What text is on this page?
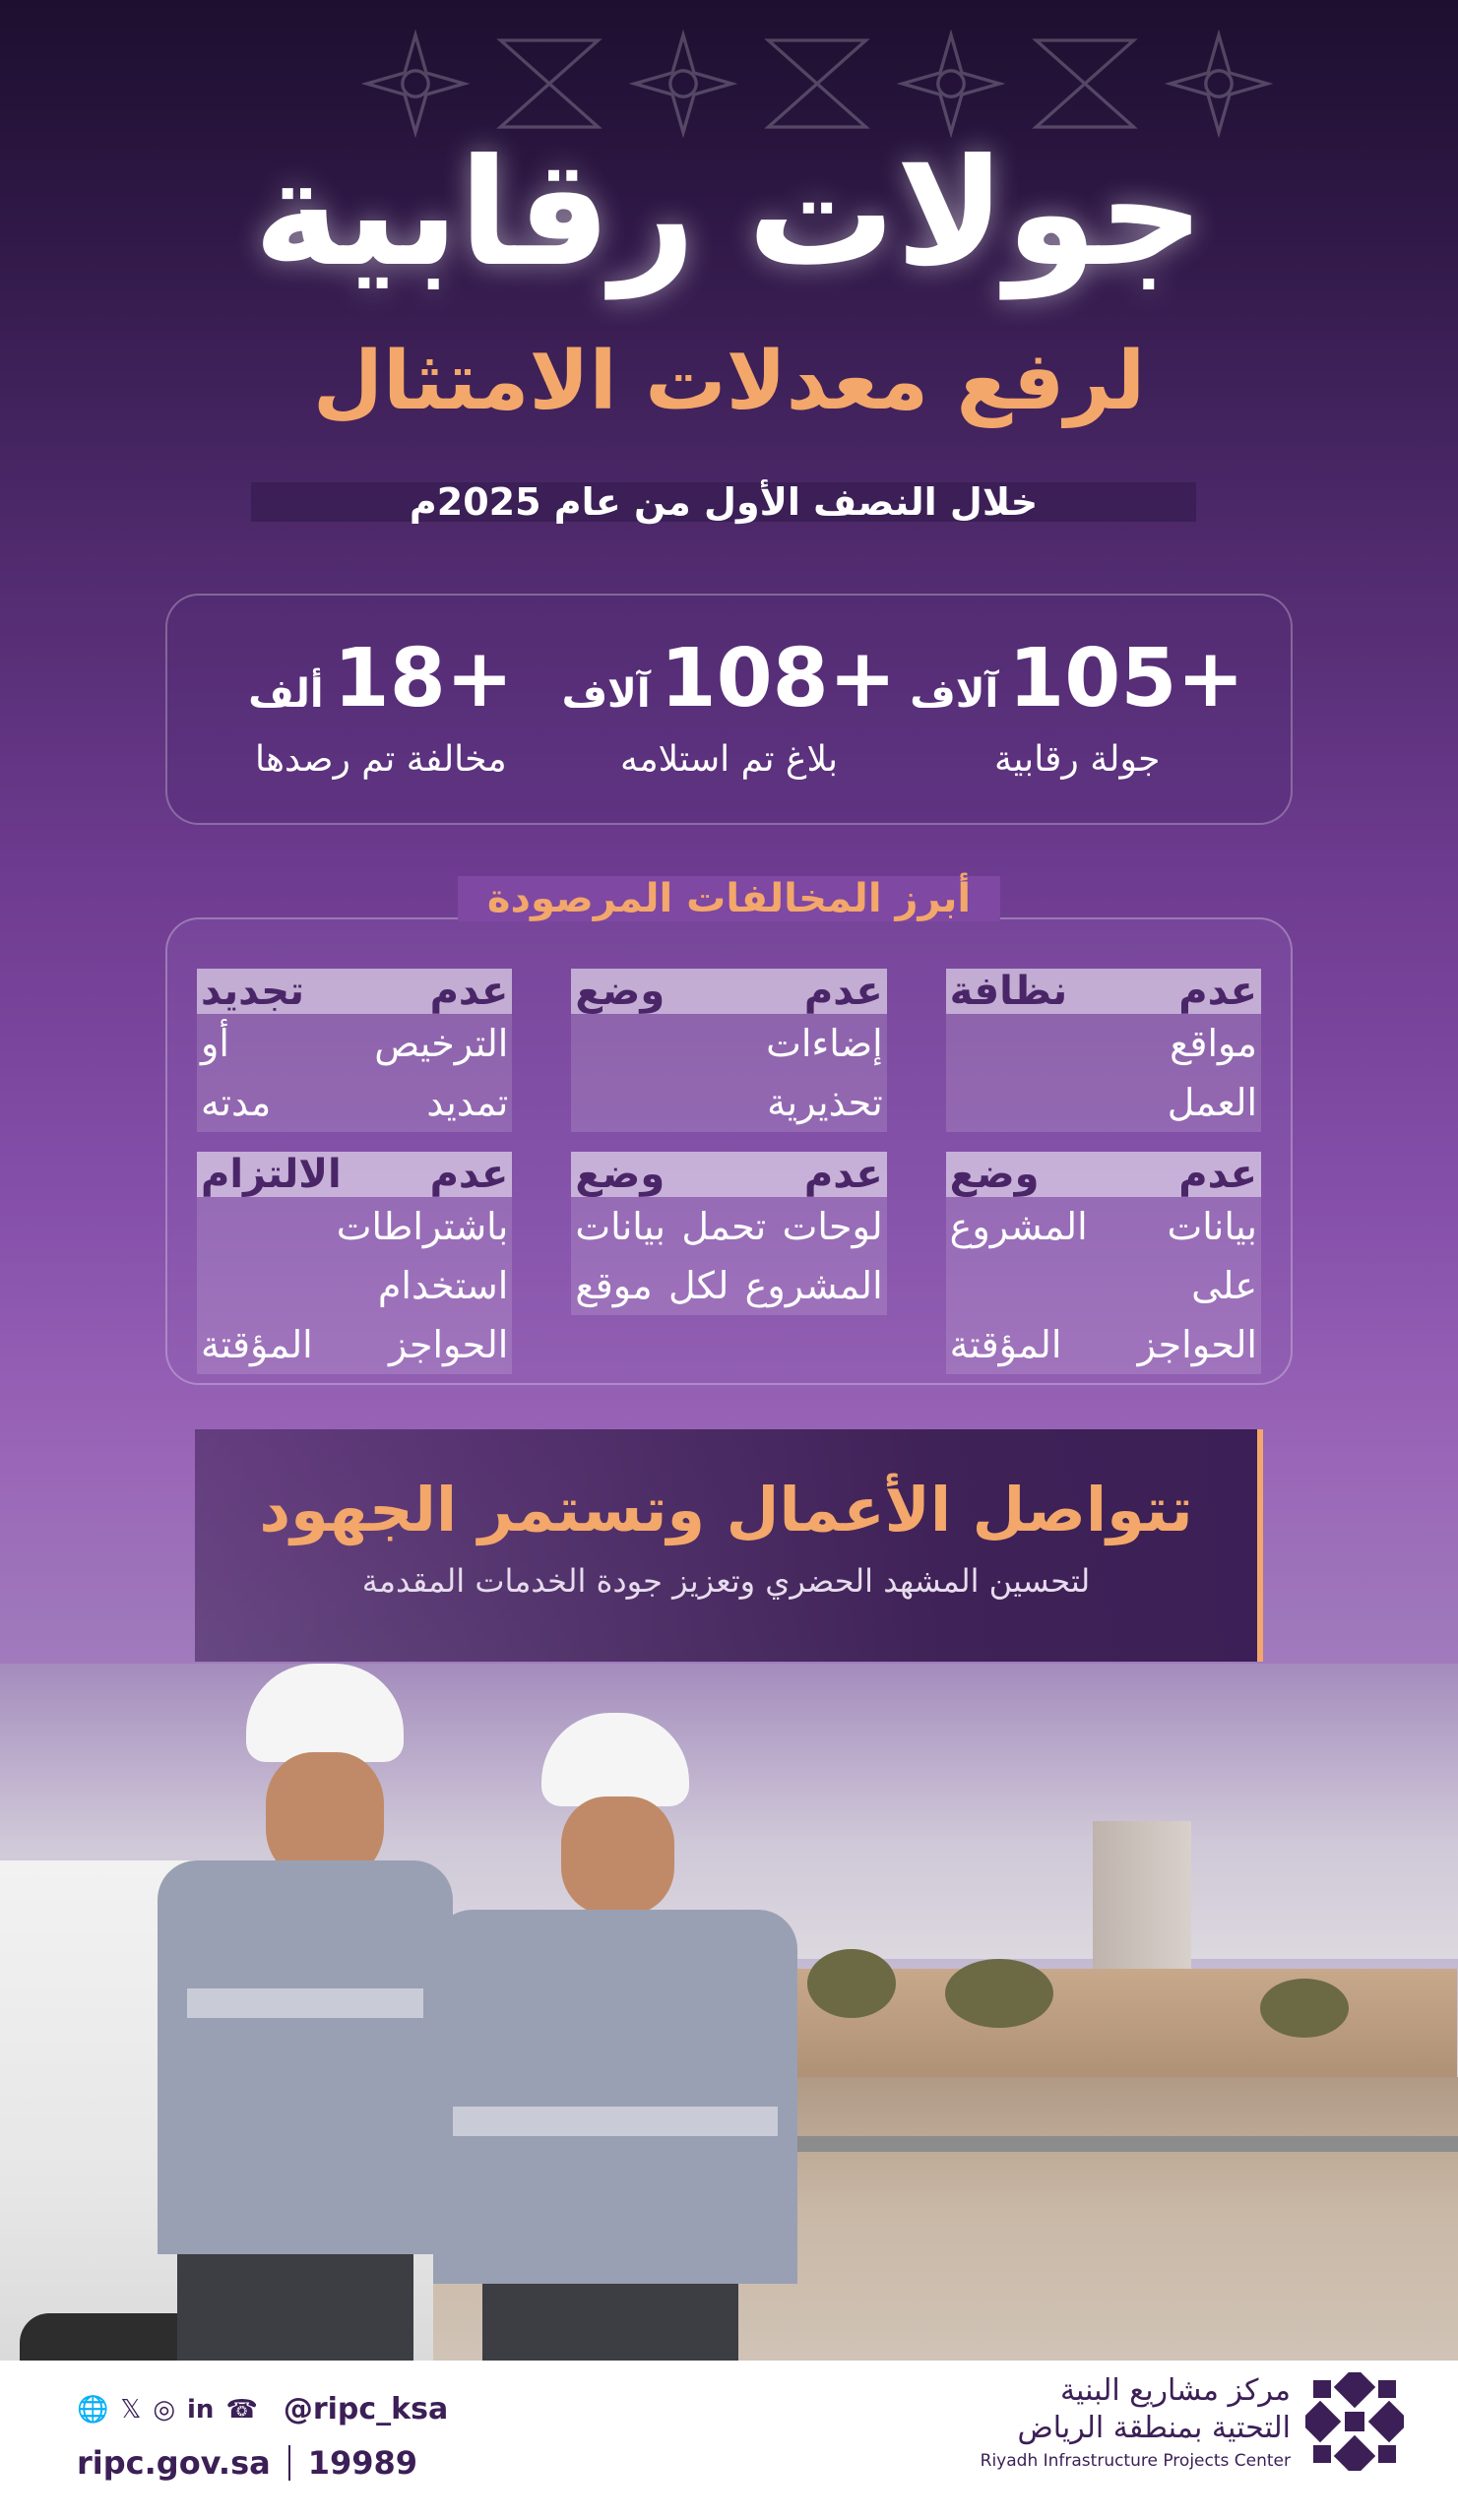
جولات رقابية
لرفع معدلات الامتثال
خلال النصف الأول من عام 2025م
105+
آلاف
جولة رقابية
108+
آلاف
بلاغ تم استلامه
18+
ألف
مخالفة تم رصدها
عدم نظافة
مواقع
العمل
عدم وضع
إضاءات
تحذيرية
عدم تجديد
الترخيص أو
تمديد مدته
عدم وضع
بيانات المشروع على
الحواجز المؤقتة
عدم وضع
لوحات تحمل بيانات
المشروع لكل موقع
عدم الالتزام
باشتراطات استخدام
الحواجز المؤقتة
أبرز المخالفات المرصودة
تتواصل الأعمال وتستمر الجهود
لتحسين المشهد الحضري وتعزيز جودة الخدمات المقدمة
🌐 𝕏 ◎ in ☎ @ripc_ksa
ripc.gov.sa 19989
مركز مشاريع البنية
التحتية بمنطقة الرياض
Riyadh Infrastructure Projects Center
